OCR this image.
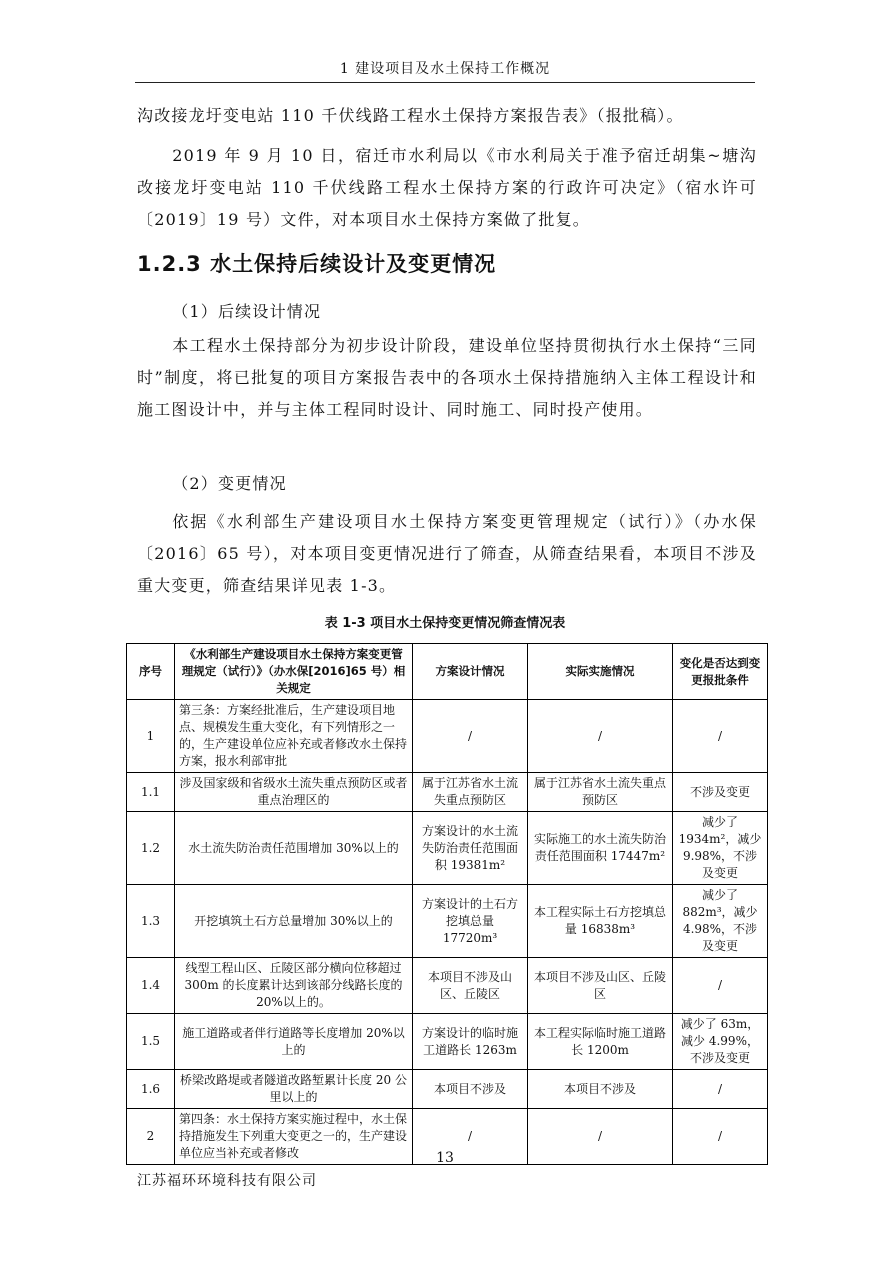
1 建设项目及水土保持工作概况
沟改接龙圩变电站 110 千伏线路工程水土保持方案报告表》（报批稿）。
2019 年 9 月 10 日，宿迁市水利局以《市水利局关于准予宿迁胡集~塘沟改接龙圩变电站 110 千伏线路工程水土保持方案的行政许可决定》（宿水许可〔2019〕19 号）文件，对本项目水土保持方案做了批复。
1.2.3 水土保持后续设计及变更情况
（1）后续设计情况
本工程水土保持部分为初步设计阶段，建设单位坚持贯彻执行水土保持“三同时”制度，将已批复的项目方案报告表中的各项水土保持措施纳入主体工程设计和施工图设计中，并与主体工程同时设计、同时施工、同时投产使用。
（2）变更情况
依据《水利部生产建设项目水土保持方案变更管理规定（试行）》（办水保〔2016〕65 号），对本项目变更情况进行了筛查，从筛查结果看，本项目不涉及重大变更，筛查结果详见表 1-3。
表 1-3 项目水土保持变更情况筛查情况表
序号	《水利部生产建设项目水土保持方案变更管理规定（试行）》（办水保[2016]65 号）相关规定	方案设计情况	实际实施情况	变化是否达到变更报批条件
1	第三条：方案经批准后，生产建设项目地点、规模发生重大变化，有下列情形之一的，生产建设单位应补充或者修改水土保持方案，报水利部审批	/	/	/
1.1	涉及国家级和省级水土流失重点预防区或者重点治理区的	属于江苏省水土流失重点预防区	属于江苏省水土流失重点预防区	不涉及变更
1.2	水土流失防治责任范围增加 30%以上的	方案设计的水土流失防治责任范围面积 19381m²	实际施工的水土流失防治责任范围面积 17447m²	减少了 1934m²，减少 9.98%，不涉及变更
1.3	开挖填筑土石方总量增加 30%以上的	方案设计的土石方挖填总量 17720m³	本工程实际土石方挖填总量 16838m³	减少了 882m³，减少 4.98%，不涉及变更
1.4	线型工程山区、丘陵区部分横向位移超过 300m 的长度累计达到该部分线路长度的 20%以上的。	本项目不涉及山区、丘陵区	本项目不涉及山区、丘陵区	/
1.5	施工道路或者伴行道路等长度增加 20%以上的	方案设计的临时施工道路长 1263m	本工程实际临时施工道路长 1200m	减少了 63m，减少 4.99%，不涉及变更
1.6	桥梁改路堤或者隧道改路堑累计长度 20 公里以上的	本项目不涉及	本项目不涉及	/
2	第四条：水土保持方案实施过程中，水土保持措施发生下列重大变更之一的，生产建设单位应当补充或者修改	/	/	/
13
江苏福环环境科技有限公司
